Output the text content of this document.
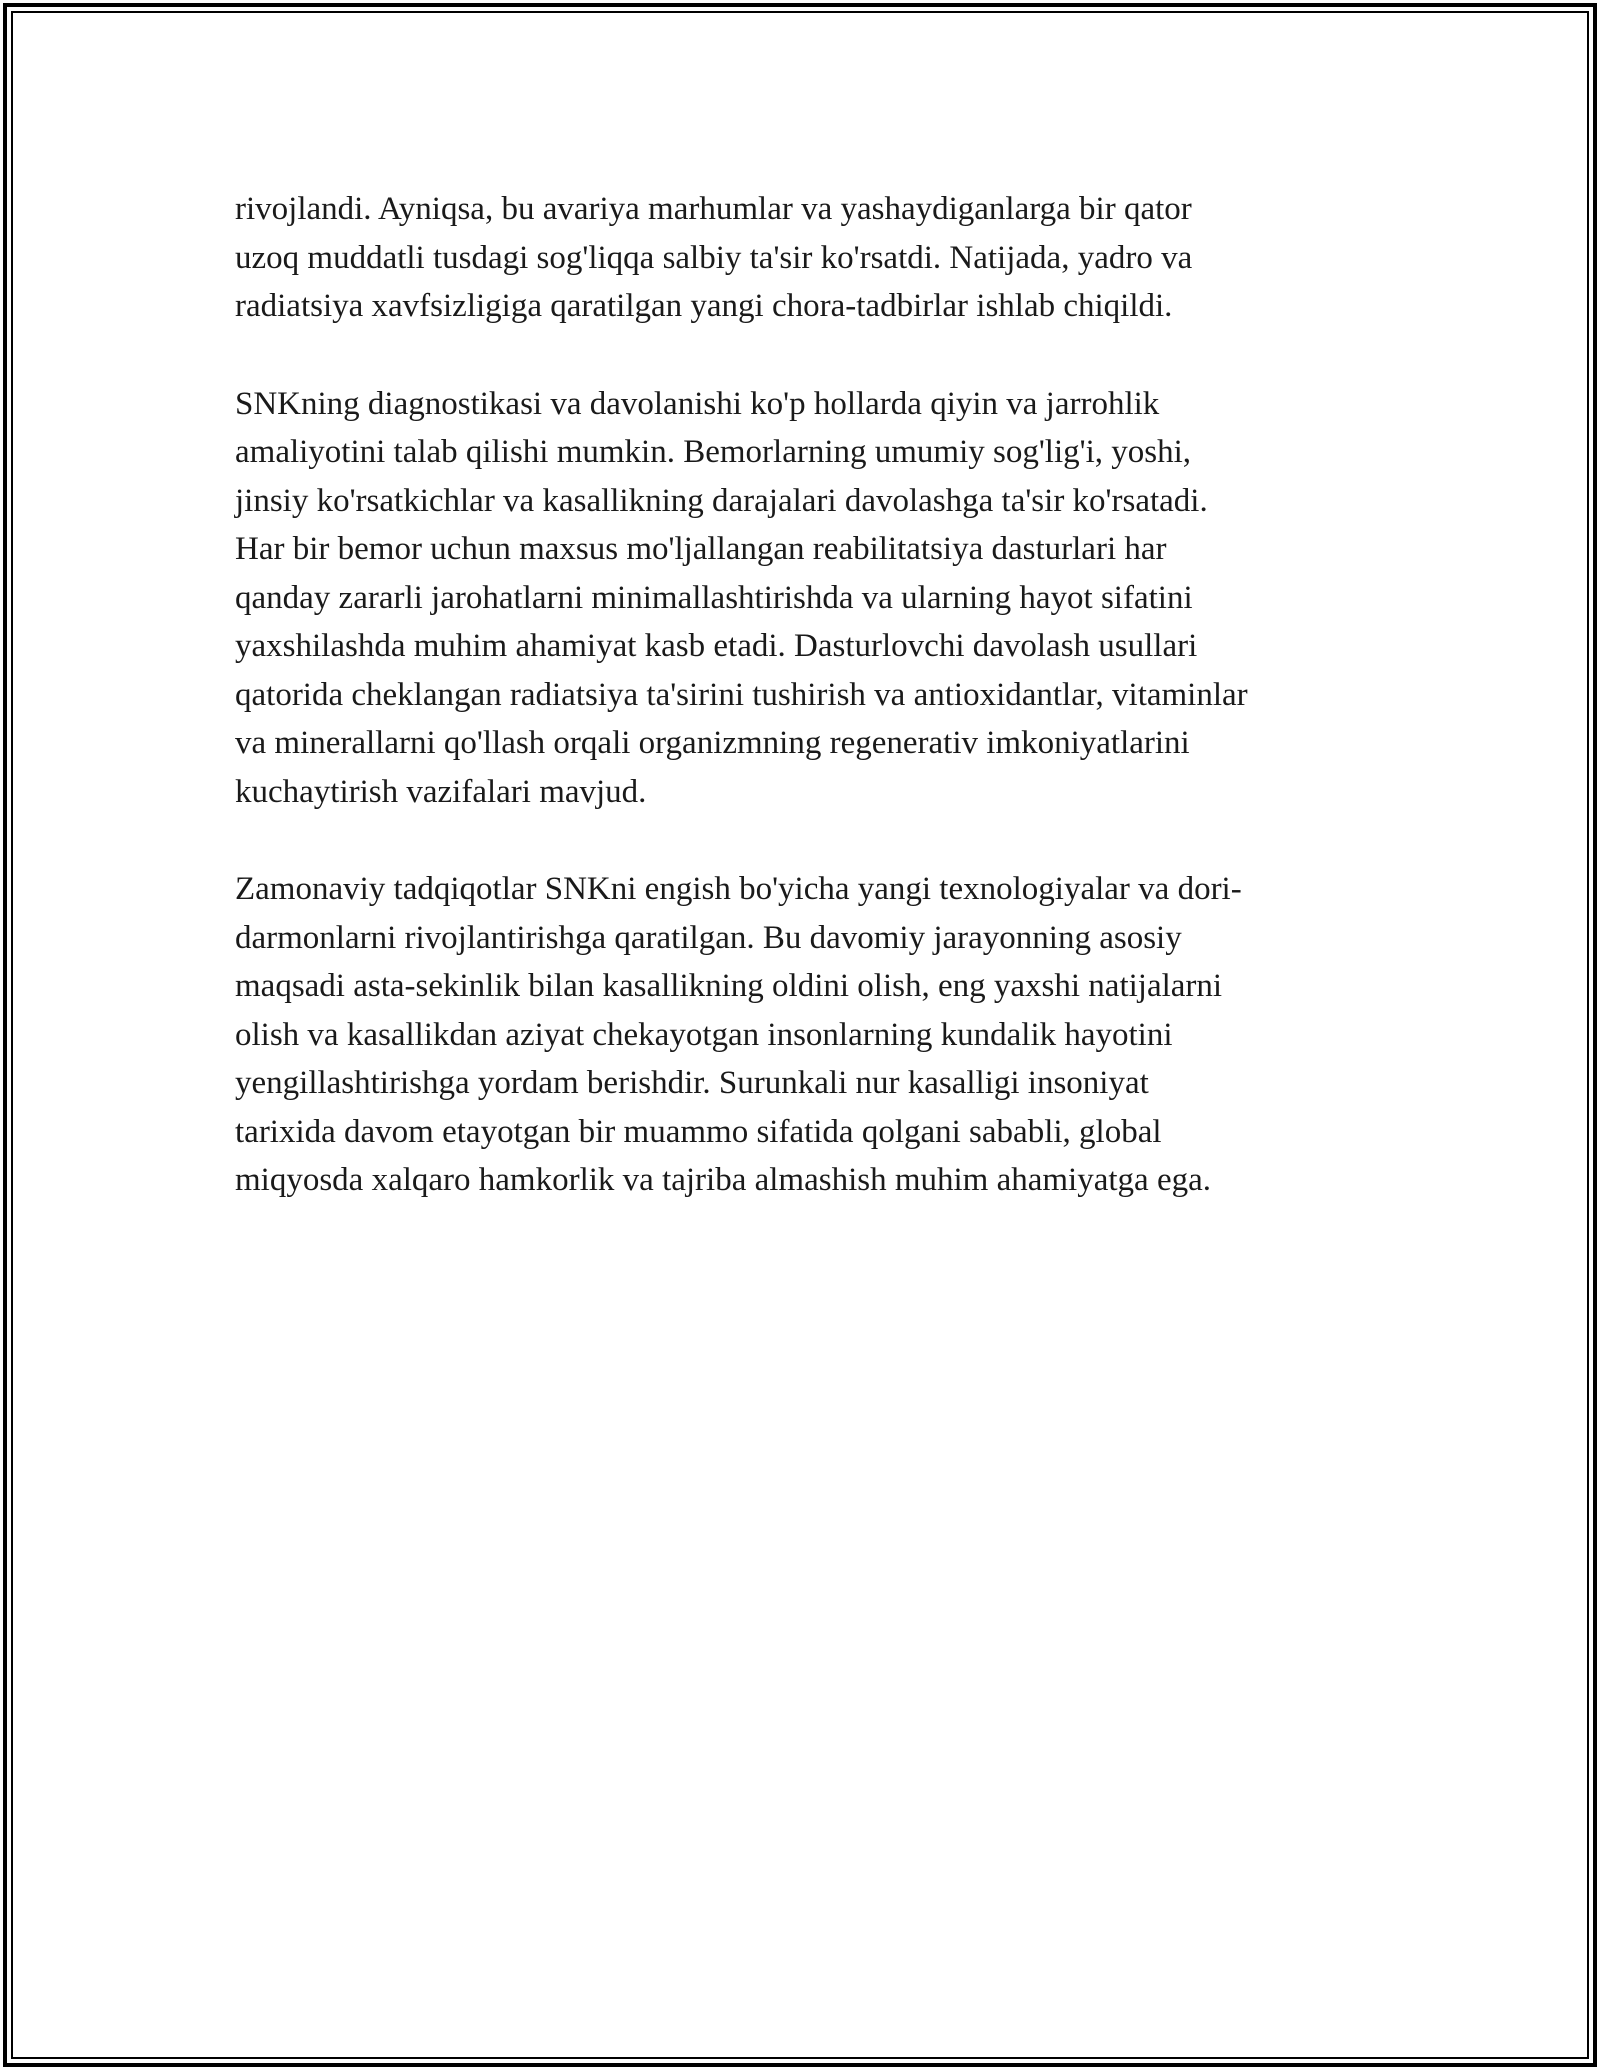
rivojlandi. Ayniqsa, bu avariya marhumlar va yashaydiganlarga bir qator
uzoq muddatli tusdagi sog'liqqa salbiy ta'sir ko'rsatdi. Natijada, yadro va
radiatsiya xavfsizligiga qaratilgan yangi chora-tadbirlar ishlab chiqildi.

SNKning diagnostikasi va davolanishi ko'p hollarda qiyin va jarrohlik
amaliyotini talab qilishi mumkin. Bemorlarning umumiy sog'lig'i, yoshi,
jinsiy ko'rsatkichlar va kasallikning darajalari davolashga ta'sir ko'rsatadi.
Har bir bemor uchun maxsus mo'ljallangan reabilitatsiya dasturlari har
qanday zararli jarohatlarni minimallashtirishda va ularning hayot sifatini
yaxshilashda muhim ahamiyat kasb etadi. Dasturlovchi davolash usullari
qatorida cheklangan radiatsiya ta'sirini tushirish va antioxidantlar, vitaminlar
va minerallarni qo'llash orqali organizmning regenerativ imkoniyatlarini
kuchaytirish vazifalari mavjud.

Zamonaviy tadqiqotlar SNKni engish bo'yicha yangi texnologiyalar va dori-
darmonlarni rivojlantirishga qaratilgan. Bu davomiy jarayonning asosiy
maqsadi asta-sekinlik bilan kasallikning oldini olish, eng yaxshi natijalarni
olish va kasallikdan aziyat chekayotgan insonlarning kundalik hayotini
yengillashtirishga yordam berishdir. Surunkali nur kasalligi insoniyat
tarixida davom etayotgan bir muammo sifatida qolgani sababli, global
miqyosda xalqaro hamkorlik va tajriba almashish muhim ahamiyatga ega.
